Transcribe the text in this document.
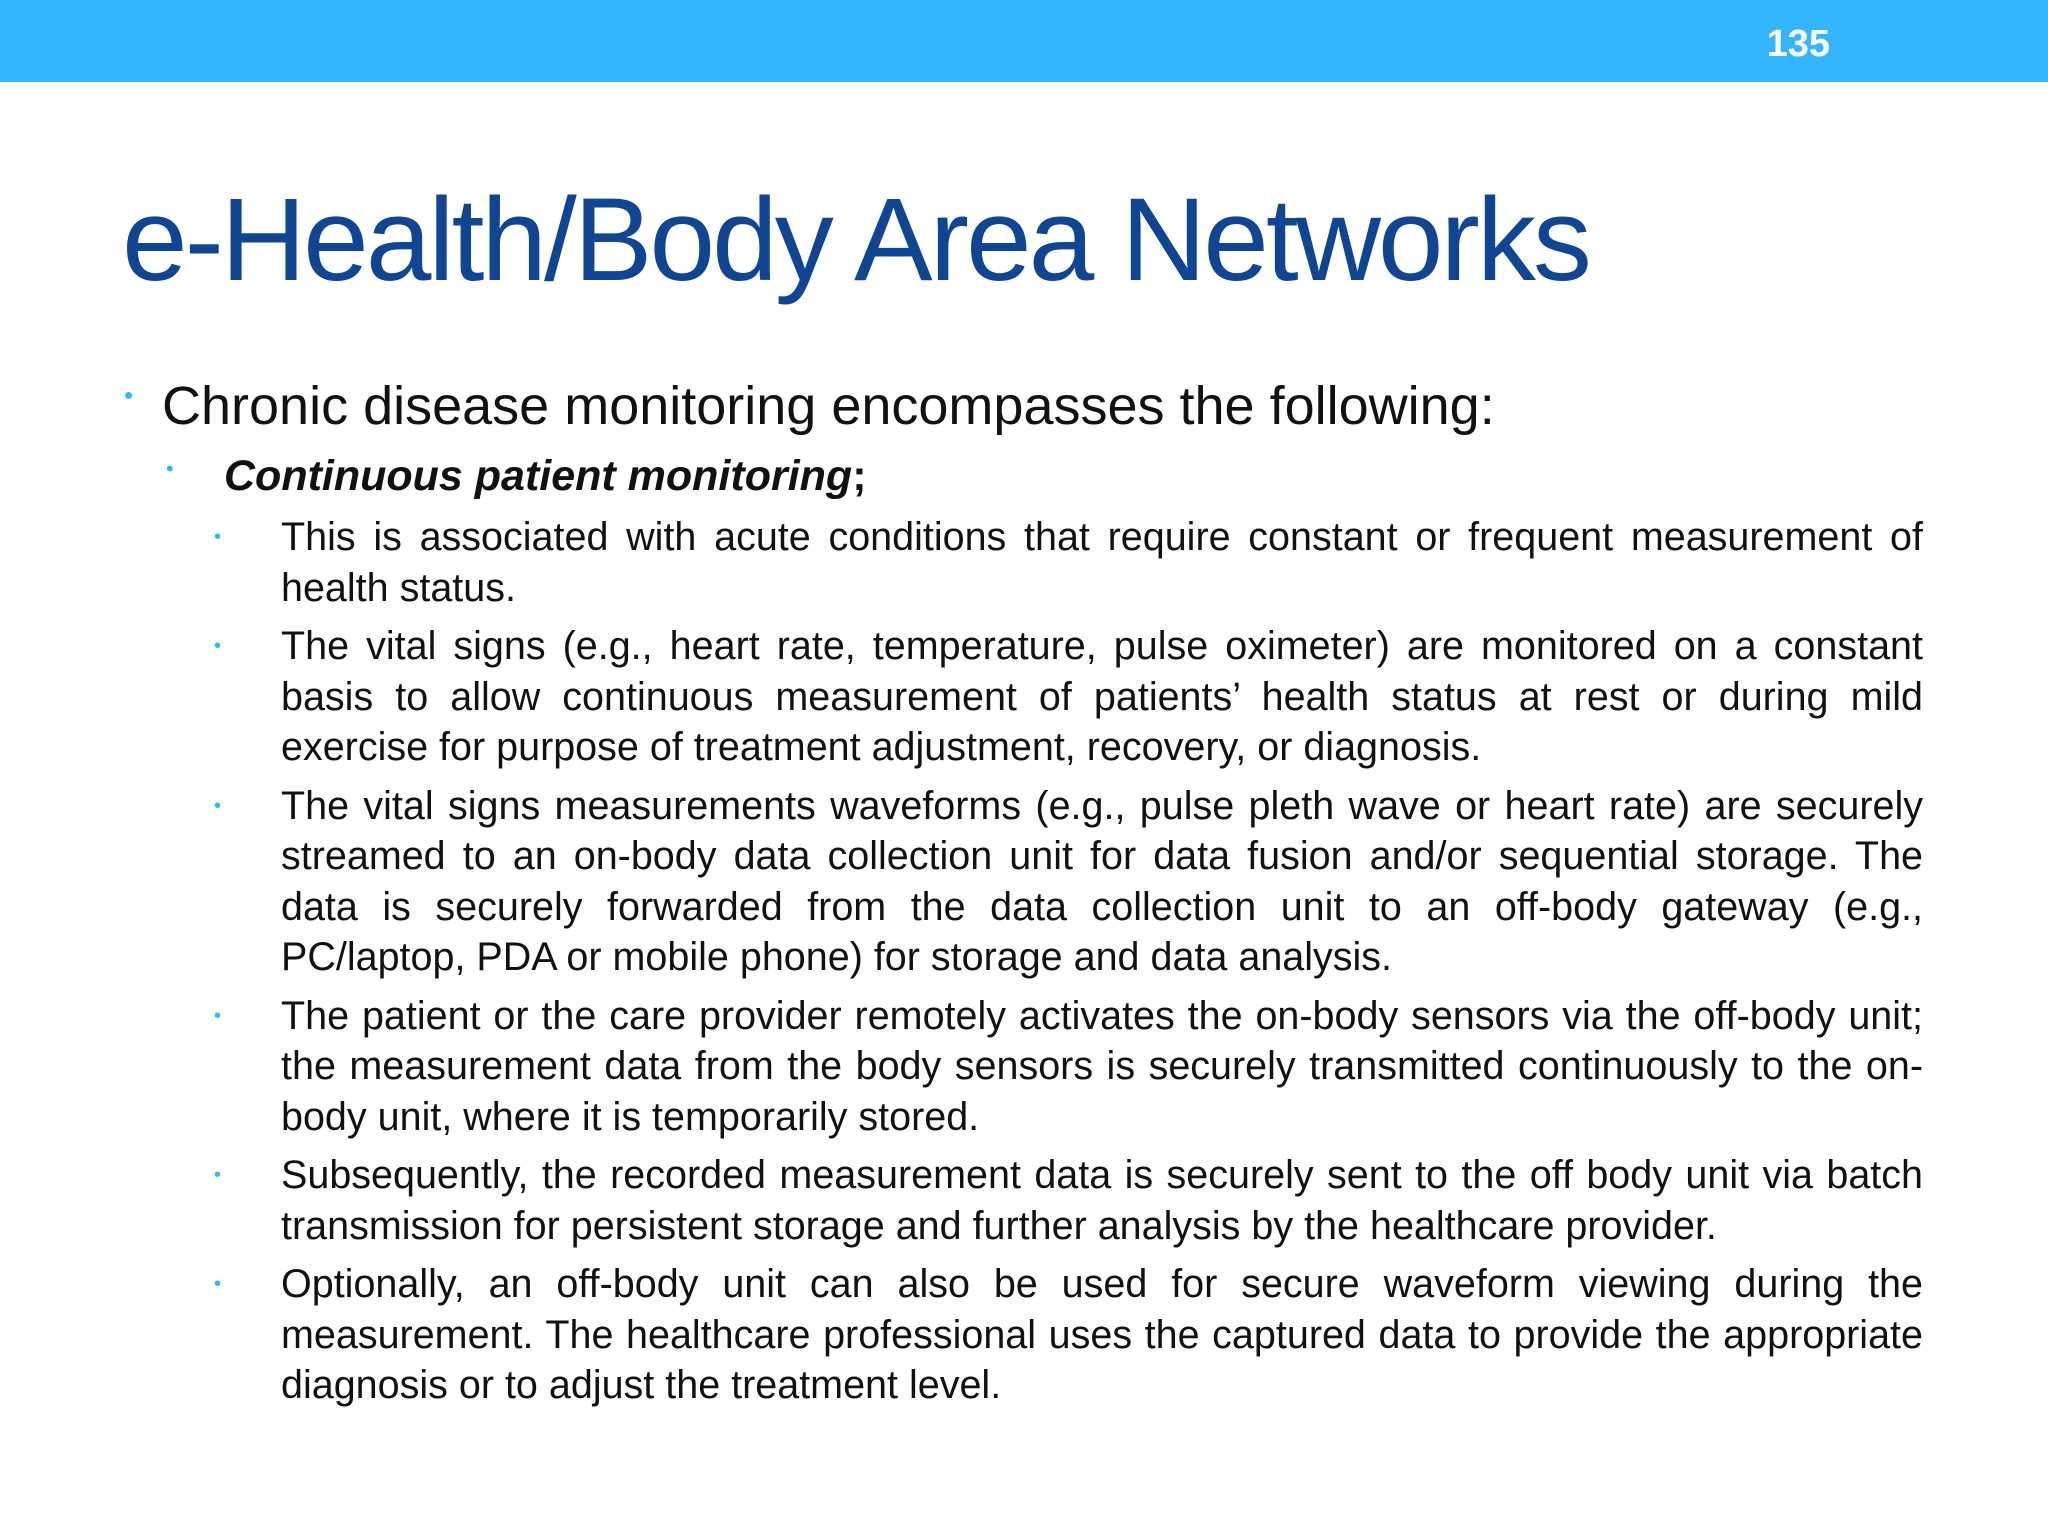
135
e-Health/Body Area Networks
• Chronic disease monitoring encompasses the following:
• Continuous patient monitoring;
• This is associated with acute conditions that require constant or frequent measurement of health status.
• The vital signs (e.g., heart rate, temperature, pulse oximeter) are monitored on a constant basis to allow continuous measurement of patients’ health status at rest or during mild exercise for purpose of treatment adjustment, recovery, or diagnosis.
• The vital signs measurements waveforms (e.g., pulse pleth wave or heart rate) are securely streamed to an on-body data collection unit for data fusion and/or sequential storage. The data is securely forwarded from the data collection unit to an off-body gateway (e.g., PC/laptop, PDA or mobile phone) for storage and data analysis.
• The patient or the care provider remotely activates the on-body sensors via the off-body unit; the measurement data from the body sensors is securely transmitted continuously to the on-body unit, where it is temporarily stored.
• Subsequently, the recorded measurement data is securely sent to the off body unit via batch transmission for persistent storage and further analysis by the healthcare provider.
• Optionally, an off-body unit can also be used for secure waveform viewing during the measurement. The healthcare professional uses the captured data to provide the appropriate diagnosis or to adjust the treatment level.
